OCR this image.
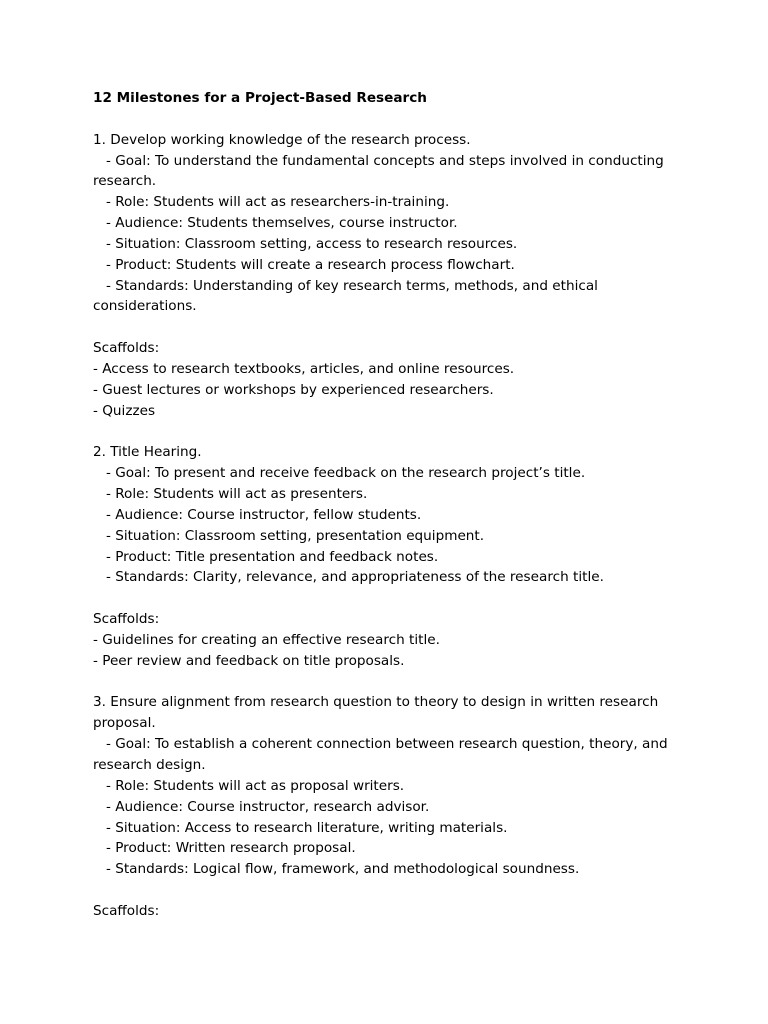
12 Milestones for a Project-Based Research
1. Develop working knowledge of the research process.
- Goal: To understand the fundamental concepts and steps involved in conducting
research.
- Role: Students will act as researchers-in-training.
- Audience: Students themselves, course instructor.
- Situation: Classroom setting, access to research resources.
- Product: Students will create a research process flowchart.
- Standards: Understanding of key research terms, methods, and ethical
considerations.
Scaffolds:
- Access to research textbooks, articles, and online resources.
- Guest lectures or workshops by experienced researchers.
- Quizzes
2. Title Hearing.
- Goal: To present and receive feedback on the research project’s title.
- Role: Students will act as presenters.
- Audience: Course instructor, fellow students.
- Situation: Classroom setting, presentation equipment.
- Product: Title presentation and feedback notes.
- Standards: Clarity, relevance, and appropriateness of the research title.
Scaffolds:
- Guidelines for creating an effective research title.
- Peer review and feedback on title proposals.
3. Ensure alignment from research question to theory to design in written research
proposal.
- Goal: To establish a coherent connection between research question, theory, and
research design.
- Role: Students will act as proposal writers.
- Audience: Course instructor, research advisor.
- Situation: Access to research literature, writing materials.
- Product: Written research proposal.
- Standards: Logical flow, framework, and methodological soundness.
Scaffolds:
